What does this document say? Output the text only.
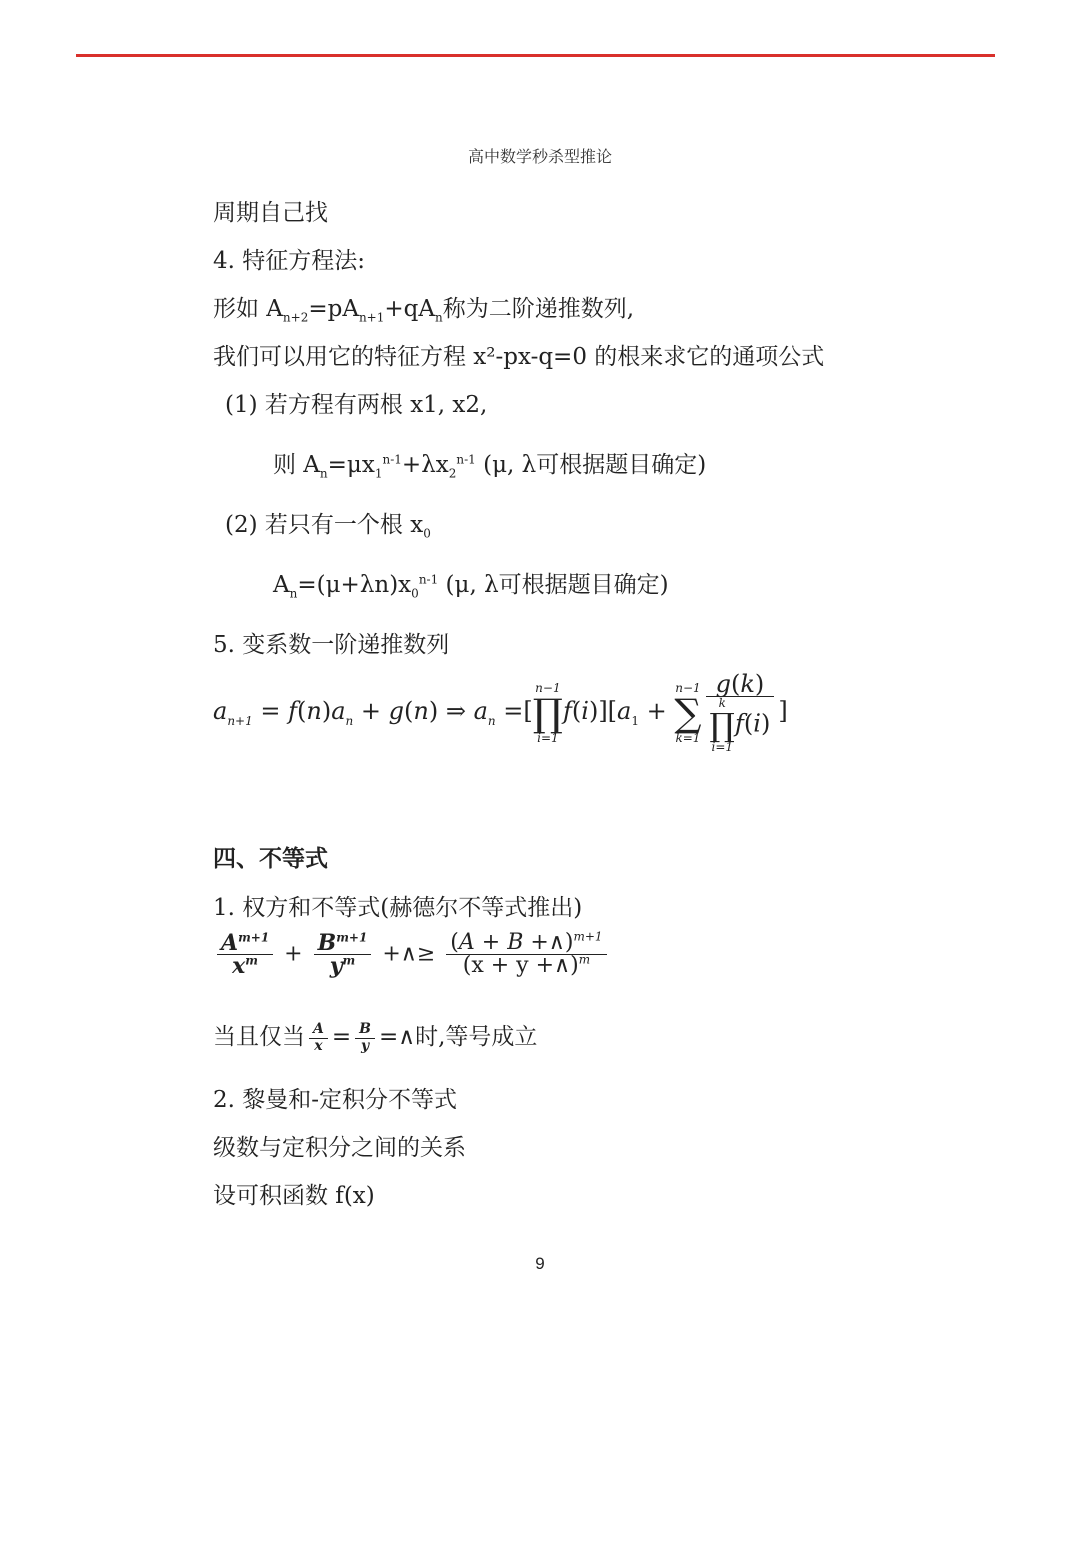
高中数学秒杀型推论
周期自己找
4. 特征方程法:
形如 $A_{n+2}=pA_{n+1}+qA_n$称为二阶递推数列,
我们可以用它的特征方程 x²-px-q=0 的根来求它的通项公式
(1) 若方程有两根 x1, x2,
则 $A_n=\mu x_1^{n-1}+\lambda x_2^{n-1}$ (μ, λ可根据题目确定)
(2) 若只有一个根 $x_0$
$A_n=(\mu+\lambda n)x_0^{n-1}$ (μ, λ可根据题目确定)
5. 变系数一阶递推数列
$a_{n+1} = f(n)a_n + g(n)$ ⇒ $a_n$ =[
n−1
∏
i=1
$f(i)][a_1$ +
n−1
∑
k=1 g(k)
k
∏
i=1
f(i) ]
四、不等式
1. 权方和不等式(赫德尔不等式推出)
$\frac{A^{m+1}}{x^m} + \frac{B^{m+1}}{y^m}$ +∧≥ $\frac{(A + B +\wedge)^{m+1}}{(x + y +\wedge)^m}$
当且仅当 $\frac{A}{x} = \frac{B}{y}$ =∧时,等号成立
2. 黎曼和-定积分不等式
级数与定积分之间的关系
设可积函数 f(x)
9
